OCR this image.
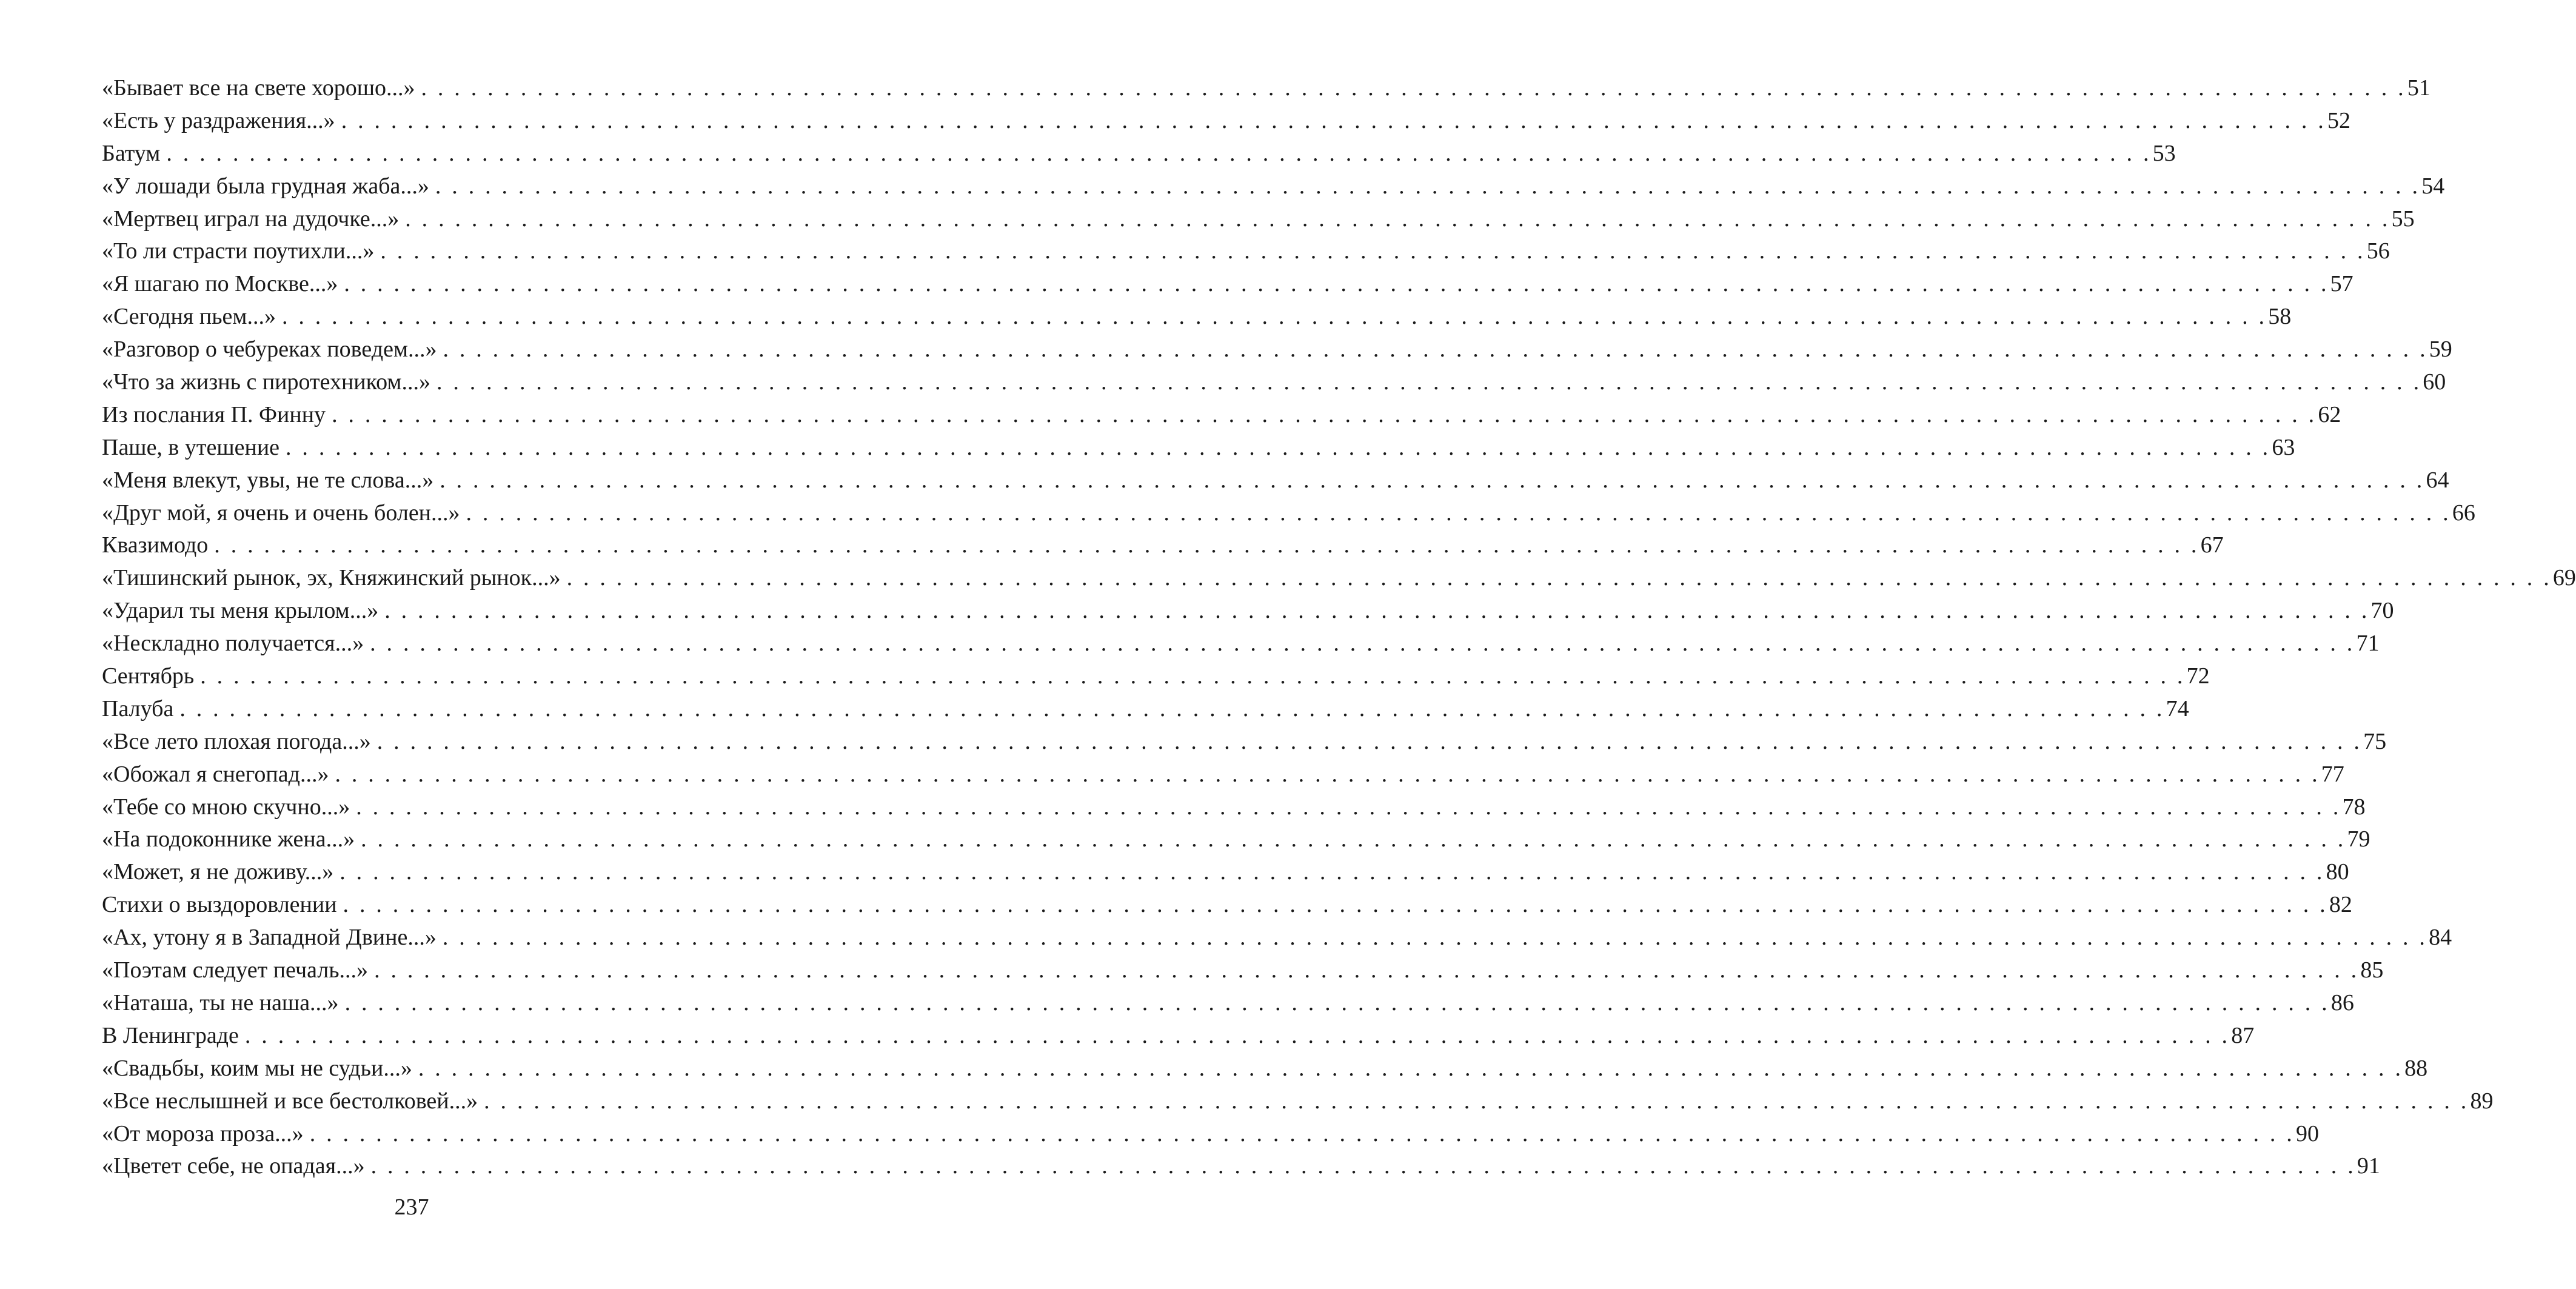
«Бывает все на свете хорошо...» . . . . . . . . . . . . . . . . . . . . . . . . . . . . . . . . . . . . . . . . . . . . . . . . . . . . . . . . . . . . . . . . . . . . . . . . . . . . . . . . . . . . . . . . . . . . . . . . . . . . . . . . . . . . . . . . . . . . . . . . 51
«Есть у раздражения...» . . . . . . . . . . . . . . . . . . . . . . . . . . . . . . . . . . . . . . . . . . . . . . . . . . . . . . . . . . . . . . . . . . . . . . . . . . . . . . . . . . . . . . . . . . . . . . . . . . . . . . . . . . . . . . . . . . . . . . . . 52
Батум . . . . . . . . . . . . . . . . . . . . . . . . . . . . . . . . . . . . . . . . . . . . . . . . . . . . . . . . . . . . . . . . . . . . . . . . . . . . . . . . . . . . . . . . . . . . . . . . . . . . . . . . . . . . . . . . . . . . . . . . 53
«У лошади была грудная жаба...» . . . . . . . . . . . . . . . . . . . . . . . . . . . . . . . . . . . . . . . . . . . . . . . . . . . . . . . . . . . . . . . . . . . . . . . . . . . . . . . . . . . . . . . . . . . . . . . . . . . . . . . . . . . . . . . . . . . . . . . . 54
«Мертвец играл на дудочке...» . . . . . . . . . . . . . . . . . . . . . . . . . . . . . . . . . . . . . . . . . . . . . . . . . . . . . . . . . . . . . . . . . . . . . . . . . . . . . . . . . . . . . . . . . . . . . . . . . . . . . . . . . . . . . . . . . . . . . . . . 55
«То ли страсти поутихли...» . . . . . . . . . . . . . . . . . . . . . . . . . . . . . . . . . . . . . . . . . . . . . . . . . . . . . . . . . . . . . . . . . . . . . . . . . . . . . . . . . . . . . . . . . . . . . . . . . . . . . . . . . . . . . . . . . . . . . . . . 56
«Я шагаю по Москве...» . . . . . . . . . . . . . . . . . . . . . . . . . . . . . . . . . . . . . . . . . . . . . . . . . . . . . . . . . . . . . . . . . . . . . . . . . . . . . . . . . . . . . . . . . . . . . . . . . . . . . . . . . . . . . . . . . . . . . . . . 57
«Сегодня пьем...» . . . . . . . . . . . . . . . . . . . . . . . . . . . . . . . . . . . . . . . . . . . . . . . . . . . . . . . . . . . . . . . . . . . . . . . . . . . . . . . . . . . . . . . . . . . . . . . . . . . . . . . . . . . . . . . . . . . . . . . . 58
«Разговор о чебуреках поведем...» . . . . . . . . . . . . . . . . . . . . . . . . . . . . . . . . . . . . . . . . . . . . . . . . . . . . . . . . . . . . . . . . . . . . . . . . . . . . . . . . . . . . . . . . . . . . . . . . . . . . . . . . . . . . . . . . . . . . . . . . 59
«Что за жизнь с пиротехником...» . . . . . . . . . . . . . . . . . . . . . . . . . . . . . . . . . . . . . . . . . . . . . . . . . . . . . . . . . . . . . . . . . . . . . . . . . . . . . . . . . . . . . . . . . . . . . . . . . . . . . . . . . . . . . . . . . . . . . . . . 60
Из послания П. Финну . . . . . . . . . . . . . . . . . . . . . . . . . . . . . . . . . . . . . . . . . . . . . . . . . . . . . . . . . . . . . . . . . . . . . . . . . . . . . . . . . . . . . . . . . . . . . . . . . . . . . . . . . . . . . . . . . . . . . . . . 62
Паше, в утешение . . . . . . . . . . . . . . . . . . . . . . . . . . . . . . . . . . . . . . . . . . . . . . . . . . . . . . . . . . . . . . . . . . . . . . . . . . . . . . . . . . . . . . . . . . . . . . . . . . . . . . . . . . . . . . . . . . . . . . . . 63
«Меня влекут, увы, не те слова...» . . . . . . . . . . . . . . . . . . . . . . . . . . . . . . . . . . . . . . . . . . . . . . . . . . . . . . . . . . . . . . . . . . . . . . . . . . . . . . . . . . . . . . . . . . . . . . . . . . . . . . . . . . . . . . . . . . . . . . . . 64
«Друг мой, я очень и очень болен...» . . . . . . . . . . . . . . . . . . . . . . . . . . . . . . . . . . . . . . . . . . . . . . . . . . . . . . . . . . . . . . . . . . . . . . . . . . . . . . . . . . . . . . . . . . . . . . . . . . . . . . . . . . . . . . . . . . . . . . . . 66
Квазимодо . . . . . . . . . . . . . . . . . . . . . . . . . . . . . . . . . . . . . . . . . . . . . . . . . . . . . . . . . . . . . . . . . . . . . . . . . . . . . . . . . . . . . . . . . . . . . . . . . . . . . . . . . . . . . . . . . . . . . . . . 67
«Тишинский рынок, эх, Княжинский рынок...» . . . . . . . . . . . . . . . . . . . . . . . . . . . . . . . . . . . . . . . . . . . . . . . . . . . . . . . . . . . . . . . . . . . . . . . . . . . . . . . . . . . . . . . . . . . . . . . . . . . . . . . . . . . . . . . . . . . . . . . . 69
«Ударил ты меня крылом...» . . . . . . . . . . . . . . . . . . . . . . . . . . . . . . . . . . . . . . . . . . . . . . . . . . . . . . . . . . . . . . . . . . . . . . . . . . . . . . . . . . . . . . . . . . . . . . . . . . . . . . . . . . . . . . . . . . . . . . . . 70
«Нескладно получается...» . . . . . . . . . . . . . . . . . . . . . . . . . . . . . . . . . . . . . . . . . . . . . . . . . . . . . . . . . . . . . . . . . . . . . . . . . . . . . . . . . . . . . . . . . . . . . . . . . . . . . . . . . . . . . . . . . . . . . . . . 71
Сентябрь . . . . . . . . . . . . . . . . . . . . . . . . . . . . . . . . . . . . . . . . . . . . . . . . . . . . . . . . . . . . . . . . . . . . . . . . . . . . . . . . . . . . . . . . . . . . . . . . . . . . . . . . . . . . . . . . . . . . . . . . 72
Палуба . . . . . . . . . . . . . . . . . . . . . . . . . . . . . . . . . . . . . . . . . . . . . . . . . . . . . . . . . . . . . . . . . . . . . . . . . . . . . . . . . . . . . . . . . . . . . . . . . . . . . . . . . . . . . . . . . . . . . . . . 74
«Все лето плохая погода...» . . . . . . . . . . . . . . . . . . . . . . . . . . . . . . . . . . . . . . . . . . . . . . . . . . . . . . . . . . . . . . . . . . . . . . . . . . . . . . . . . . . . . . . . . . . . . . . . . . . . . . . . . . . . . . . . . . . . . . . . 75
«Обожал я снегопад...» . . . . . . . . . . . . . . . . . . . . . . . . . . . . . . . . . . . . . . . . . . . . . . . . . . . . . . . . . . . . . . . . . . . . . . . . . . . . . . . . . . . . . . . . . . . . . . . . . . . . . . . . . . . . . . . . . . . . . . . . 77
«Тебе со мною скучно...» . . . . . . . . . . . . . . . . . . . . . . . . . . . . . . . . . . . . . . . . . . . . . . . . . . . . . . . . . . . . . . . . . . . . . . . . . . . . . . . . . . . . . . . . . . . . . . . . . . . . . . . . . . . . . . . . . . . . . . . . 78
«На подоконнике жена...» . . . . . . . . . . . . . . . . . . . . . . . . . . . . . . . . . . . . . . . . . . . . . . . . . . . . . . . . . . . . . . . . . . . . . . . . . . . . . . . . . . . . . . . . . . . . . . . . . . . . . . . . . . . . . . . . . . . . . . . . 79
«Может, я не доживу...» . . . . . . . . . . . . . . . . . . . . . . . . . . . . . . . . . . . . . . . . . . . . . . . . . . . . . . . . . . . . . . . . . . . . . . . . . . . . . . . . . . . . . . . . . . . . . . . . . . . . . . . . . . . . . . . . . . . . . . . . 80
Стихи о выздоровлении . . . . . . . . . . . . . . . . . . . . . . . . . . . . . . . . . . . . . . . . . . . . . . . . . . . . . . . . . . . . . . . . . . . . . . . . . . . . . . . . . . . . . . . . . . . . . . . . . . . . . . . . . . . . . . . . . . . . . . . . 82
«Ах, утону я в Западной Двине...» . . . . . . . . . . . . . . . . . . . . . . . . . . . . . . . . . . . . . . . . . . . . . . . . . . . . . . . . . . . . . . . . . . . . . . . . . . . . . . . . . . . . . . . . . . . . . . . . . . . . . . . . . . . . . . . . . . . . . . . . 84
«Поэтам следует печаль...» . . . . . . . . . . . . . . . . . . . . . . . . . . . . . . . . . . . . . . . . . . . . . . . . . . . . . . . . . . . . . . . . . . . . . . . . . . . . . . . . . . . . . . . . . . . . . . . . . . . . . . . . . . . . . . . . . . . . . . . . 85
«Наташа, ты не наша...» . . . . . . . . . . . . . . . . . . . . . . . . . . . . . . . . . . . . . . . . . . . . . . . . . . . . . . . . . . . . . . . . . . . . . . . . . . . . . . . . . . . . . . . . . . . . . . . . . . . . . . . . . . . . . . . . . . . . . . . . 86
В Ленинграде . . . . . . . . . . . . . . . . . . . . . . . . . . . . . . . . . . . . . . . . . . . . . . . . . . . . . . . . . . . . . . . . . . . . . . . . . . . . . . . . . . . . . . . . . . . . . . . . . . . . . . . . . . . . . . . . . . . . . . . . 87
«Свадьбы, коим мы не судьи...» . . . . . . . . . . . . . . . . . . . . . . . . . . . . . . . . . . . . . . . . . . . . . . . . . . . . . . . . . . . . . . . . . . . . . . . . . . . . . . . . . . . . . . . . . . . . . . . . . . . . . . . . . . . . . . . . . . . . . . . . 88
«Все неслышней и все бестолковей...» . . . . . . . . . . . . . . . . . . . . . . . . . . . . . . . . . . . . . . . . . . . . . . . . . . . . . . . . . . . . . . . . . . . . . . . . . . . . . . . . . . . . . . . . . . . . . . . . . . . . . . . . . . . . . . . . . . . . . . . . 89
«От мороза проза...» . . . . . . . . . . . . . . . . . . . . . . . . . . . . . . . . . . . . . . . . . . . . . . . . . . . . . . . . . . . . . . . . . . . . . . . . . . . . . . . . . . . . . . . . . . . . . . . . . . . . . . . . . . . . . . . . . . . . . . . . 90
«Цветет себе, не опадая...» . . . . . . . . . . . . . . . . . . . . . . . . . . . . . . . . . . . . . . . . . . . . . . . . . . . . . . . . . . . . . . . . . . . . . . . . . . . . . . . . . . . . . . . . . . . . . . . . . . . . . . . . . . . . . . . . . . . . . . . . 91
237
